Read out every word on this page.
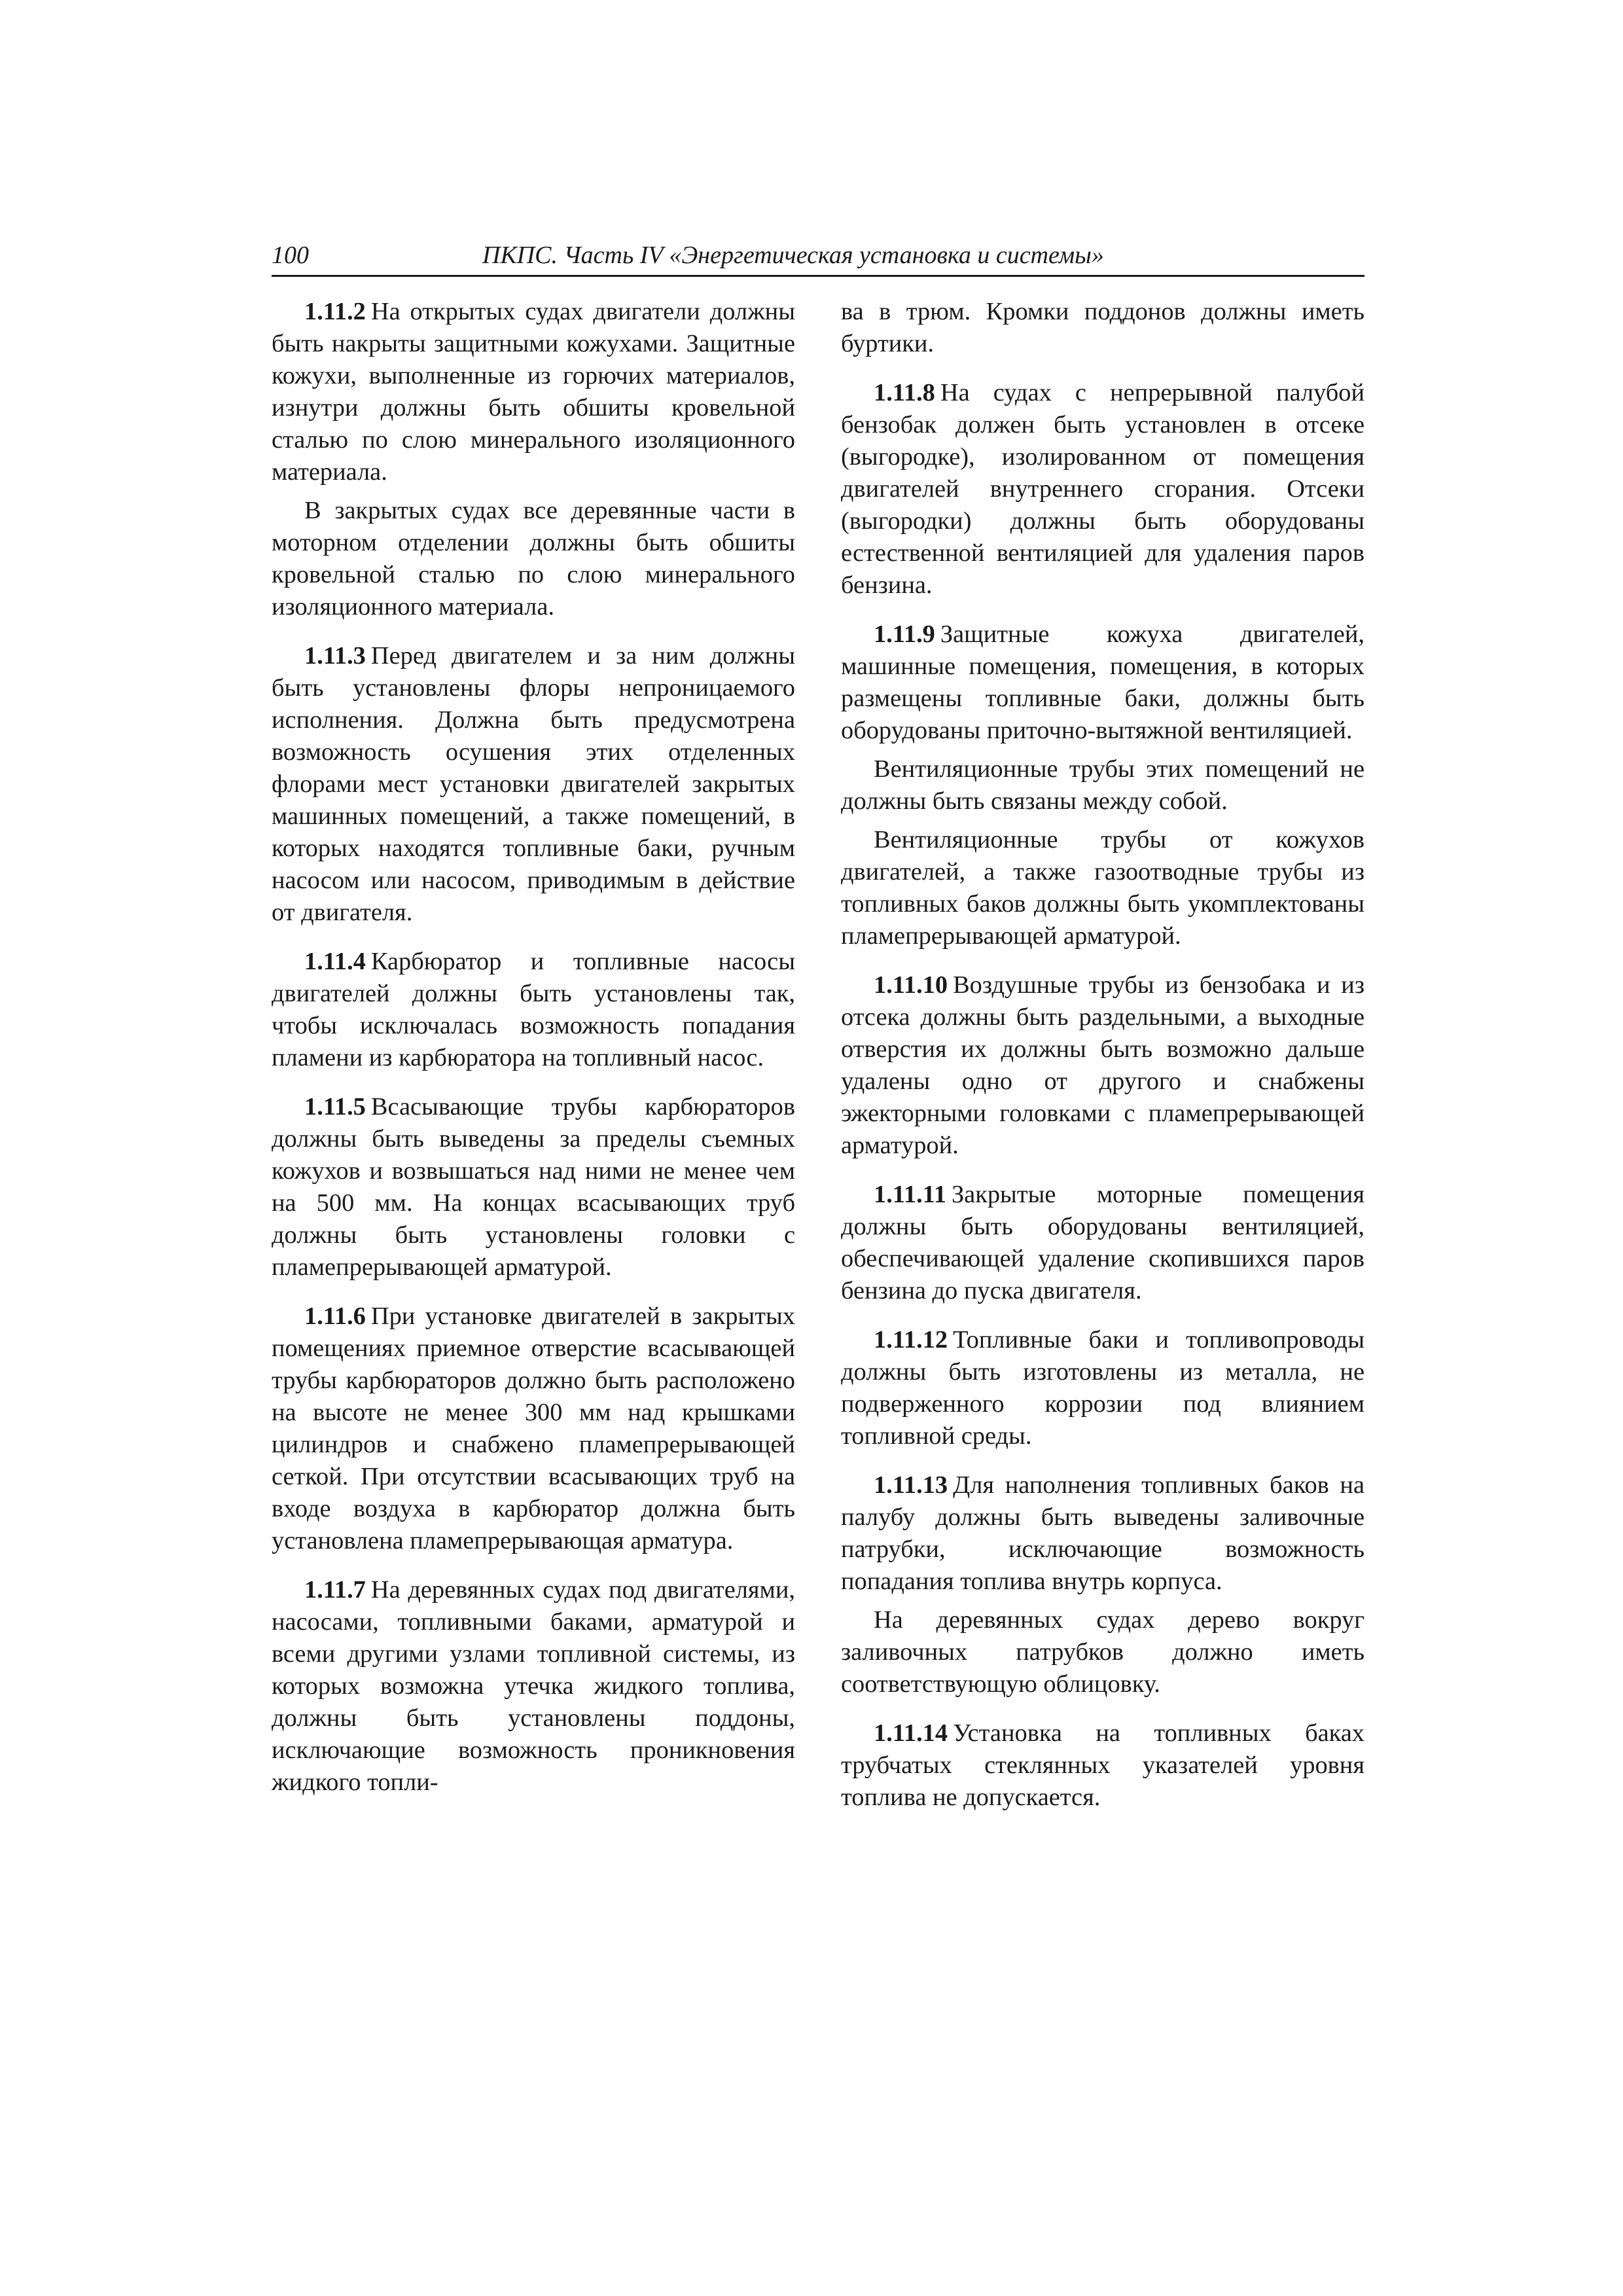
100	ПКПС. Часть IV «Энергетическая установка и системы»

1.11.2 На открытых судах двигатели должны быть накрыты защитными кожухами. Защитные кожухи, выполненные из горючих материалов, изнутри должны быть обшиты кровельной сталью по слою минерального изоляционного материала.

В закрытых судах все деревянные части в моторном отделении должны быть обшиты кровельной сталью по слою минерального изоляционного материала.

1.11.3 Перед двигателем и за ним должны быть установлены флоры непроницаемого исполнения. Должна быть предусмотрена возможность осушения этих отделенных флорами мест установки двигателей закрытых машинных помещений, а также помещений, в которых находятся топливные баки, ручным насосом или насосом, приводимым в действие от двигателя.

1.11.4 Карбюратор и топливные насосы двигателей должны быть установлены так, чтобы исключалась возможность попадания пламени из карбюратора на топливный насос.

1.11.5 Всасывающие трубы карбюраторов должны быть выведены за пределы съемных кожухов и возвышаться над ними не менее чем на 500 мм. На концах всасывающих труб должны быть установлены головки с пламепрерывающей арматурой.

1.11.6 При установке двигателей в закрытых помещениях приемное отверстие всасывающей трубы карбюраторов должно быть расположено на высоте не менее 300 мм над крышками цилиндров и снабжено пламепрерывающей сеткой. При отсутствии всасывающих труб на входе воздуха в карбюратор должна быть установлена пламепрерывающая арматура.

1.11.7 На деревянных судах под двигателями, насосами, топливными баками, арматурой и всеми другими узлами топливной системы, из которых возможна утечка жидкого топлива, должны быть установлены поддоны, исключающие возможность проникновения жидкого топли-

ва в трюм. Кромки поддонов должны иметь буртики.

1.11.8 На судах с непрерывной палубой бензобак должен быть установлен в отсеке (выгородке), изолированном от помещения двигателей внутреннего сгорания. Отсеки (выгородки) должны быть оборудованы естественной вентиляцией для удаления паров бензина.

1.11.9 Защитные кожуха двигателей, машинные помещения, помещения, в которых размещены топливные баки, должны быть оборудованы приточно-вытяжной вентиляцией.

Вентиляционные трубы этих помещений не должны быть связаны между собой.

Вентиляционные трубы от кожухов двигателей, а также газоотводные трубы из топливных баков должны быть укомплектованы пламепрерывающей арматурой.

1.11.10 Воздушные трубы из бензобака и из отсека должны быть раздельными, а выходные отверстия их должны быть возможно дальше удалены одно от другого и снабжены эжекторными головками с пламепрерывающей арматурой.

1.11.11 Закрытые моторные помещения должны быть оборудованы вентиляцией, обеспечивающей удаление скопившихся паров бензина до пуска двигателя.

1.11.12 Топливные баки и топливопроводы должны быть изготовлены из металла, не подверженного коррозии под влиянием топливной среды.

1.11.13 Для наполнения топливных баков на палубу должны быть выведены заливочные патрубки, исключающие возможность попадания топлива внутрь корпуса.

На деревянных судах дерево вокруг заливочных патрубков должно иметь соответствующую облицовку.

1.11.14 Установка на топливных баках трубчатых стеклянных указателей уровня топлива не допускается.
